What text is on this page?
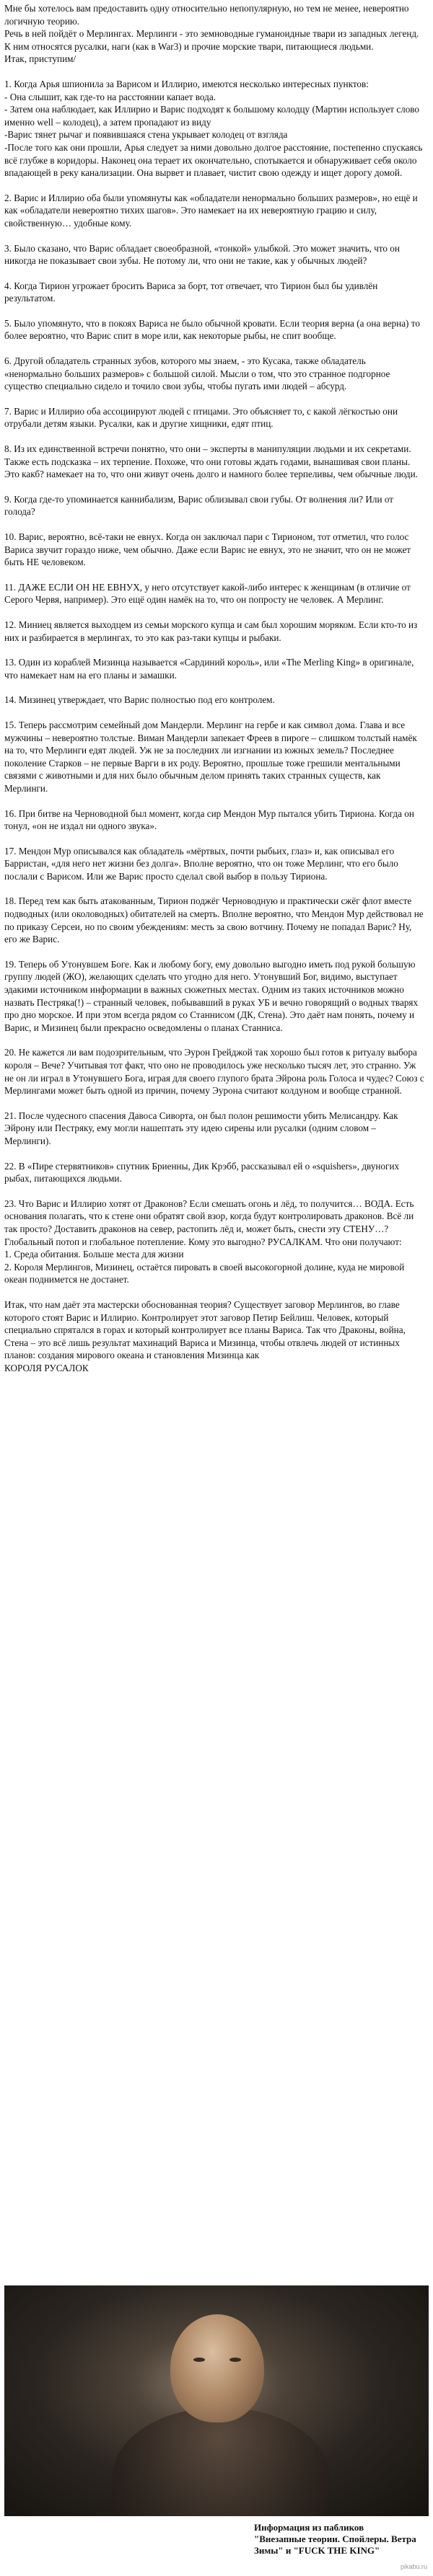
Мне бы хотелось вам предоставить одну относительно непопулярную, но тем не менее, невероятно логичную теорию.
Речь в ней пойдёт о Мерлингах. Мерлинги - это земноводные гуманоидные твари из западных легенд. К ним относятся русалки, наги (как в War3) и прочие морские твари, питающиеся людьми.
Итак, приступим/
1. Когда Арья шпионила за Варисом и Иллирио, имеются несколько интересных пунктов:
- Она слышит, как где-то на расстоянии капает вода.
- Затем она наблюдает, как Иллирио и Варис подходят к большому колодцу (Мартин использует слово именно well – колодец), а затем пропадают из виду
-Варис тянет рычаг и появившаяся стена укрывает колодец от взгляда
-После того как они прошли, Арья следует за ними довольно долгое расстояние, постепенно спускаясь всё глубже в коридоры. Наконец она терает их окончательно, спотыкается и обнаруживает себя около впадающей в реку канализации. Она вырвет и плавает, чистит свою одежду и ищет дорогу домой.
2. Варис и Иллирио оба были упомянуты как «обладатели ненормально больших размеров», но ещё и как «обладатели невероятно тихих шагов». Это намекает на их невероятную грацию и силу, свойственную… удобные кому.
3. Было сказано, что Варис обладает своеобразной, «тонкой» улыбкой. Это может значить, что он никогда не показывает свои зубы. Не потому ли, что они не такие, как у обычных людей?
4. Когда Тирион угрожает бросить Вариса за борт, тот отвечает, что Тирион был бы удивлён результатом.
5. Было упомянуто, что в покоях Вариса не было обычной кровати. Если теория верна (а она верна) то более вероятно, что Варис спит в море или, как некоторые рыбы, не спит вообще.
6. Другой обладатель странных зубов, которого мы знаем, - это Кусака, также обладатель «ненормально больших размеров» с большой силой. Мысли о том, что это странное подгорное существо специально сидело и точило свои зубы, чтобы пугать ими людей – абсурд.
7. Варис и Иллирио оба ассоциируют людей с птицами. Это объясняет то, с какой лёгкостью они отрубали детям языки. Русалки, как и другие хищники, едят птиц.
8. Из их единственной встречи понятно, что они – эксперты в манипуляции людьми и их секретами. Также есть подсказка – их терпение. Похоже, что они готовы ждать годами, вынашивая свои планы. Это какб? намекает на то, что они живут очень долго и намного более терпеливы, чем обычные люди.
9. Когда где-то упоминается каннибализм, Варис облизывал свои губы. От волнения ли? Или от голода?
10. Варис, вероятно, всё-таки не евнух. Когда он заключал пари с Тирионом, тот отметил, что голос Вариса звучит гораздо ниже, чем обычно. Даже если Варис не евнух, это не значит, что он не может быть НЕ человеком.
11. ДАЖЕ ЕСЛИ ОН НЕ ЕВНУХ, у него отсутствует какой-либо интерес к женщинам (в отличие от Серого Червя, например). Это ещё один намёк на то, что он попросту не человек. А Мерлинг.
12. Миниец является выходцем из семьи морского купца и сам был хорошим моряком. Если кто-то из них и разбирается в мерлингах, то это как раз-таки купцы и рыбаки.
13. Один из кораблей Мизинца называется «Сардиний король», или «The Merling King» в оригинале, что намекает нам на его планы и замашки.
14. Мизинец утверждает, что Варис полностью под его контролем.
15. Теперь рассмотрим семейный дом Мандерли. Мерлинг на гербе и как символ дома. Глава и все мужчины – невероятно толстые. Виман Мандерли запекает Фреев в пироге – слишком толстый намёк на то, что Мерлинги едят людей. Уж не за последних ли изгнании из южных земель? Последнее поколение Старков – не первые Варги в их роду. Вероятно, прошлые тоже грешили ментальными связями с животными и для них было обычным делом принять таких странных существ, как Мерлинги.
16. При битве на Черноводной был момент, когда сир Мендон Мур пытался убить Тириона. Когда он тонул, «он не издал ни одного звука».
17. Мендон Мур описывался как обладатель «мёртвых, почти рыбьих, глаз» и, как описывал его Барристан, «для него нет жизни без долга». Вполне вероятно, что он тоже Мерлинг, что его было послали с Варисом. Или же Варис просто сделал свой выбор в пользу Тириона.
18. Перед тем как быть атакованным, Тирион поджёг Черноводную и практически сжёг флот вместе подводных (или околоводных) обитателей на смерть. Вполне вероятно, что Мендон Мур действовал не по приказу Серсеи, но по своим убеждениям: месть за свою вотчину. Почему не попадал Варис? Ну, его же Варис.
19. Теперь об Утонувшем Боге. Как и любому богу, ему довольно выгодно иметь под рукой большую группу людей (ЖО), желающих сделать что угодно для него. Утонувший Бог, видимо, выступает эдакими источником информации в важных сюжетных местах. Одним из таких источников можно назвать Пестряка(!) – странный человек, побывавший в руках УБ и вечно говорящий о водных тварях про дно морское. И при этом всегда рядом со Станнисом (ДК, Стена). Это даёт нам понять, почему и Варис, и Мизинец были прекрасно осведомлены о планах Станниса.
20. Не кажется ли вам подозрительным, что Эурон Грейджой так хорошо был готов к ритуалу выбора короля – Вече? Учитывая тот факт, что оно не проводилось уже несколько тысяч лет, это странно. Уж не он ли играл в Утонувшего Бога, играя для своего глупого брата Эйрона роль Голоса и чудес? Союз с Мерлингами может быть одной из причин, почему Эурона считают колдуном и вообще странной.
21. После чудесного спасения Давоса Сиворта, он был полон решимости убить Мелисандру. Как Эйрону или Пестряку, ему могли нашептать эту идею сирены или русалки (одним словом – Мерлинги).
22. В «Пире стервятников» спутник Бриенны, Дик Крэбб, рассказывал ей о «squishers», двуногих рыбах, питающихся людьми.
23. Что Варис и Иллирио хотят от Драконов? Если смешать огонь и лёд, то получится… ВОДА. Есть основания полагать, что к стене они обратят свой взор, когда будут контролировать драконов. Всё ли так просто? Доставить драконов на север, растопить лёд и, может быть, снести эту СТЕНУ…? Глобальный потоп и глобальное потепление. Кому это выгодно? РУСАЛКАМ. Что они получают:
1. Среда обитания. Больше места для жизни
2. Короля Мерлингов, Мизинец, остаётся пировать в своей высокогорной долине, куда не мировой океан поднимется не достанет.
Итак, что нам даёт эта мастерски обоснованная теория? Существует заговор Мерлингов, во главе которого стоят Варис и Иллирио. Контролирует этот заговор Петир Бейлиш. Человек, который специально спрятался в горах и который контролирует все планы Вариса. Так что Драконы, война, Стена – это всё лишь результат махинаций Вариса и Мизинца, чтобы отвлечь людей от истинных планов: создания мирового океана и становления Мизинца как
КОРОЛЯ РУСАЛОК
Информация из пабликов
"Внезапные теории. Спойлеры. Ветра Зимы" и "FUCK THE KING"
pikabu.ru
